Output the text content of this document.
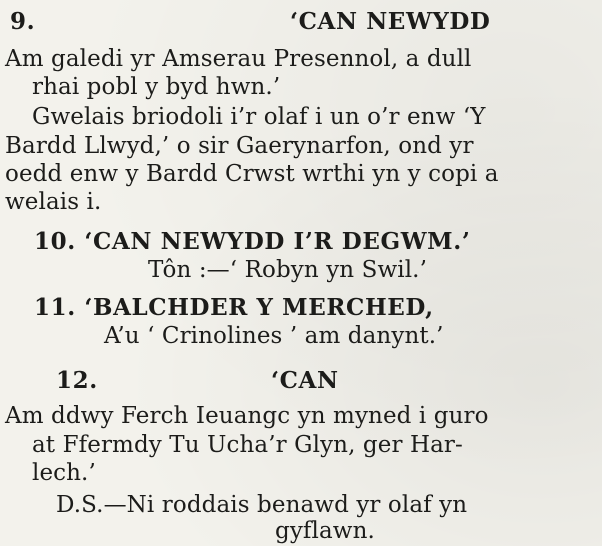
9.	‘CAN NEWYDD
Am galedi yr Amserau Presennol, a dull
rhai pobl y byd hwn.’
Gwelais briodoli i’r olaf i un o’r enw ‘Y
Bardd Llwyd,’ o sir Gaerynarfon, ond yr
oedd enw y Bardd Crwst wrthi yn y copi a
welais i.
10. ‘CAN NEWYDD I’R DEGWM.’
Tôn :—‘ Robyn yn Swil.’
11. ‘BALCHDER Y MERCHED,
A’u ‘ Crinolines ’ am danynt.’
12.	‘CAN
Am ddwy Ferch Ieuangc yn myned i guro
at Ffermdy Tu Ucha’r Glyn, ger Har-
lech.’
D.S.—Ni roddais benawd yr olaf yn
gyflawn.
